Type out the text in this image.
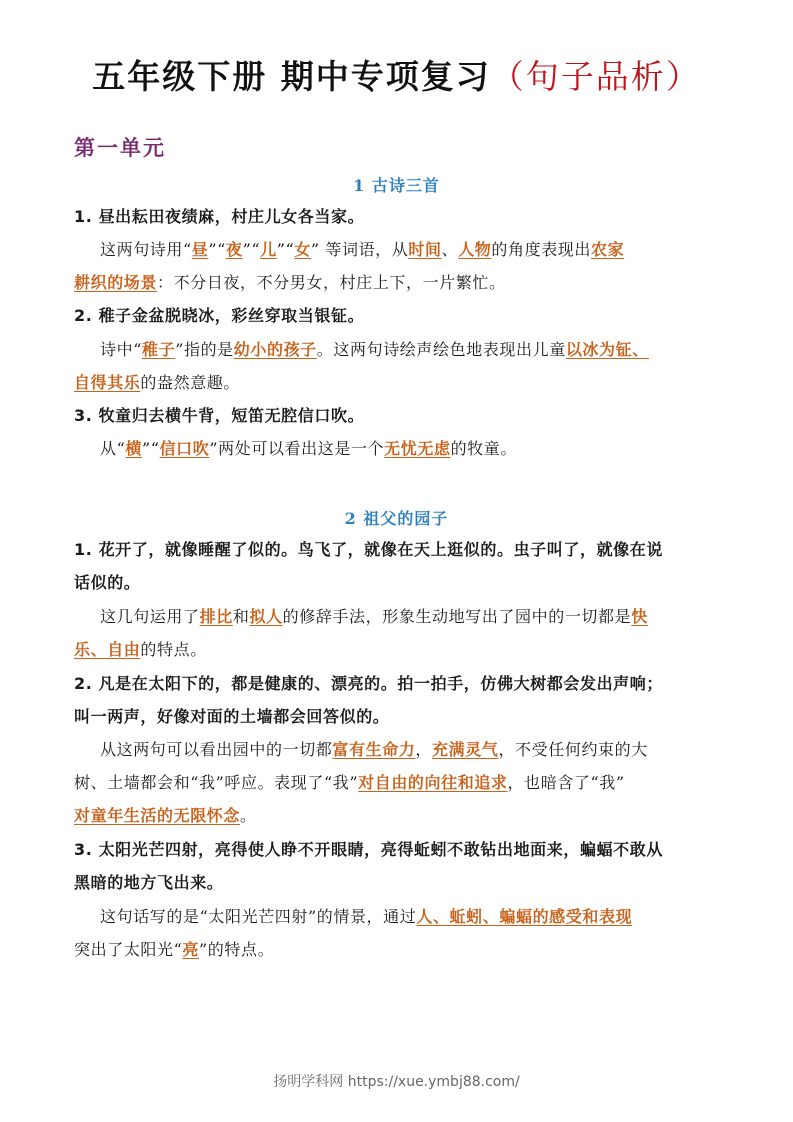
五年级下册 期中专项复习（句子品析）
第一单元
1 古诗三首
1. 昼出耘田夜绩麻，村庄儿女各当家。
这两句诗用“昼”“夜”“儿”“女” 等词语，从时间、人物的角度表现出农家
耕织的场景：不分日夜，不分男女，村庄上下，一片繁忙。
2. 稚子金盆脱晓冰，彩丝穿取当银钲。
诗中“稚子”指的是幼小的孩子。这两句诗绘声绘色地表现出儿童以冰为钲、
自得其乐的盎然意趣。
3. 牧童归去横牛背，短笛无腔信口吹。
从“横”“信口吹”两处可以看出这是一个无忧无虑的牧童。
2 祖父的园子
1. 花开了，就像睡醒了似的。鸟飞了，就像在天上逛似的。虫子叫了，就像在说
话似的。
这几句运用了排比和拟人的修辞手法，形象生动地写出了园中的一切都是快
乐、自由的特点。
2. 凡是在太阳下的，都是健康的、漂亮的。拍一拍手，仿佛大树都会发出声响；
叫一两声，好像对面的土墙都会回答似的。
从这两句可以看出园中的一切都富有生命力，充满灵气，不受任何约束的大
树、土墙都会和“我”呼应。表现了“我”对自由的向往和追求，也暗含了“我”
对童年生活的无限怀念。
3. 太阳光芒四射，亮得使人睁不开眼睛，亮得蚯蚓不敢钻出地面来，蝙蝠不敢从
黑暗的地方飞出来。
这句话写的是“太阳光芒四射”的情景，通过人、蚯蚓、蝙蝠的感受和表现
突出了太阳光“亮”的特点。
扬明学科网 https://xue.ymbj88.com/
